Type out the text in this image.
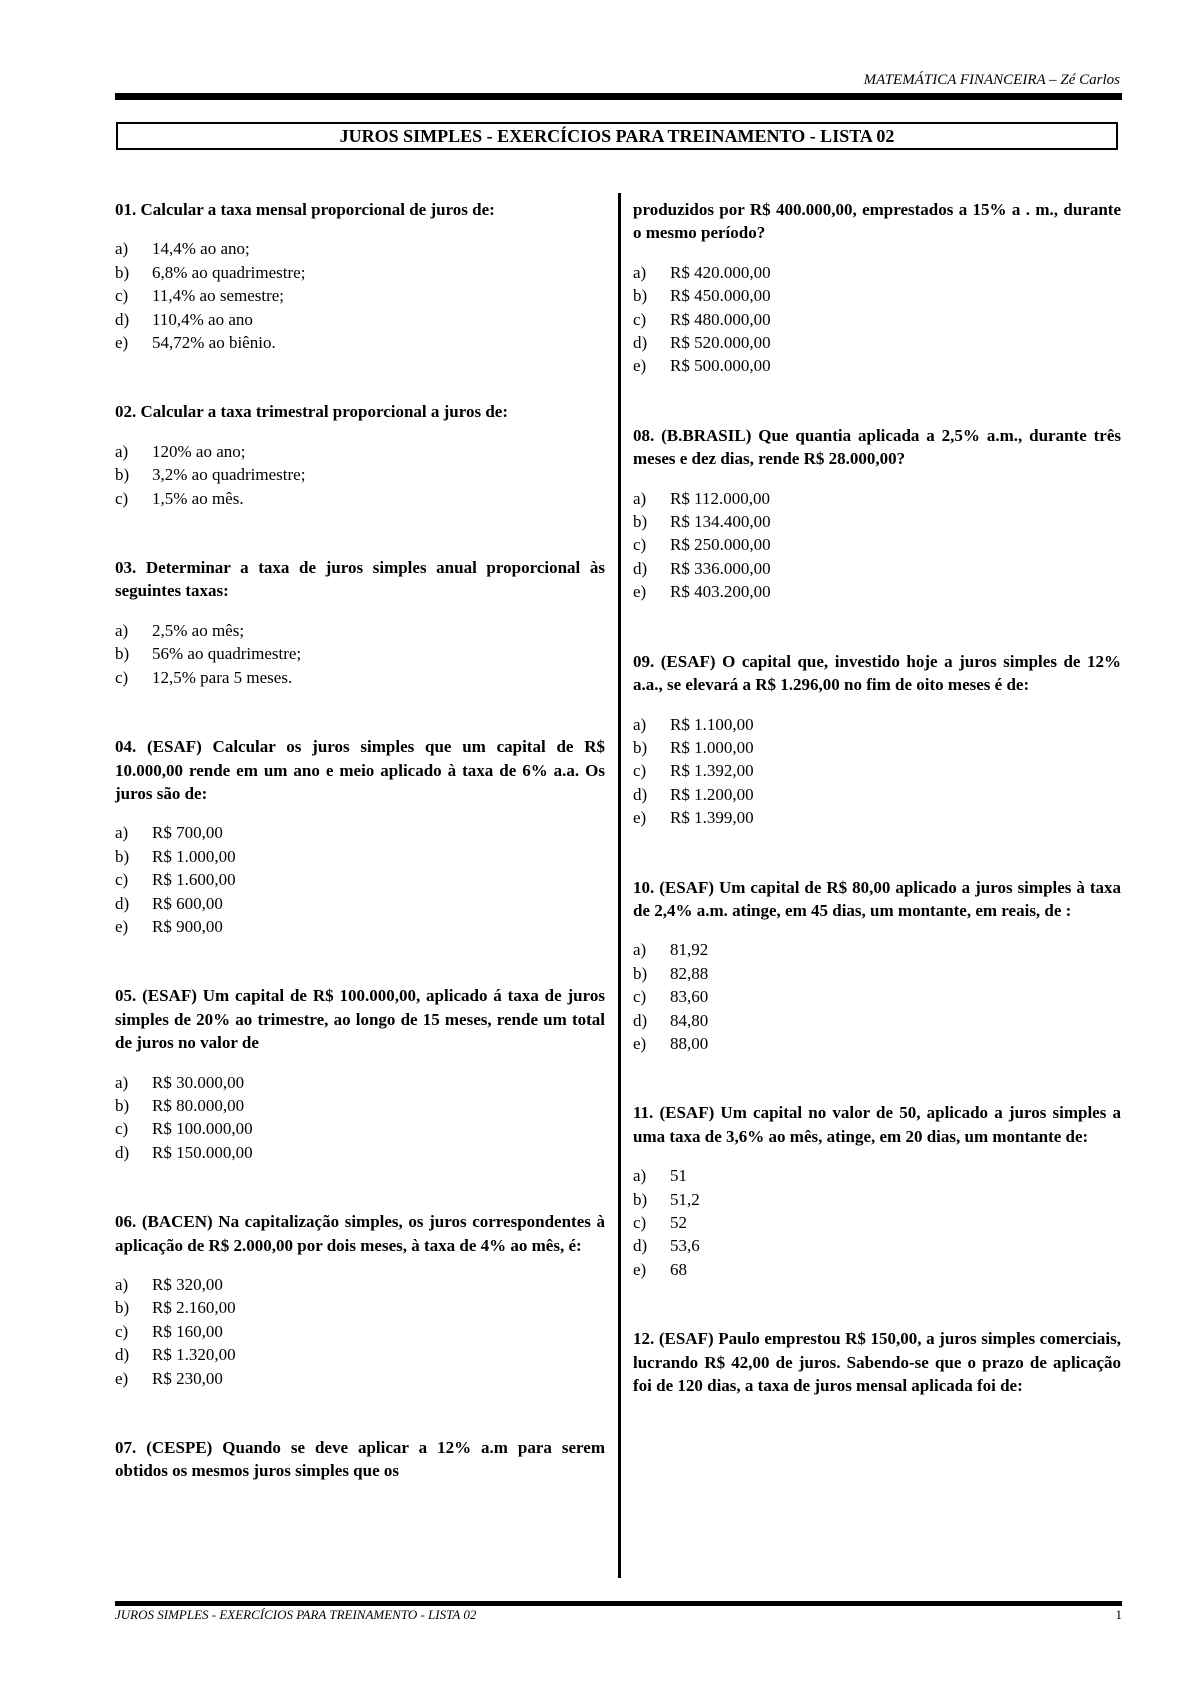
MATEMÁTICA FINANCEIRA – Zé Carlos
JUROS SIMPLES - EXERCÍCIOS PARA TREINAMENTO - LISTA 02

01. Calcular a taxa mensal proporcional de juros de:

a)	14,4% ao ano;
b)	6,8% ao quadrimestre;
c)	11,4% ao semestre;
d)	110,4% ao ano
e)	54,72% ao biênio.

02. Calcular a taxa trimestral proporcional a juros de:

a)	120% ao ano;
b)	3,2% ao quadrimestre;
c)	1,5% ao mês.

03. Determinar a taxa de juros simples anual proporcional às seguintes taxas:

a)	2,5% ao mês;
b)	56% ao quadrimestre;
c)	12,5% para 5 meses.

04. (ESAF) Calcular os juros simples que um capital de R$ 10.000,00 rende em um ano e meio aplicado à taxa de 6% a.a. Os juros são de:

a)	R$ 700,00
b)	R$ 1.000,00
c)	R$ 1.600,00
d)	R$ 600,00
e)	R$ 900,00

05. (ESAF) Um capital de R$ 100.000,00, aplicado á taxa de juros simples de 20% ao trimestre, ao longo de 15 meses, rende um total de juros no valor de

a)	R$ 30.000,00
b)	R$ 80.000,00
c)	R$ 100.000,00
d)	R$ 150.000,00

06. (BACEN) Na capitalização simples, os juros correspondentes à aplicação de R$ 2.000,00 por dois meses, à taxa de 4% ao mês, é:

a)	R$ 320,00
b)	R$ 2.160,00
c)	R$ 160,00
d)	R$ 1.320,00
e)	R$ 230,00

07. (CESPE) Quando se deve aplicar a 12% a.m para serem obtidos os mesmos juros simples que os

produzidos por R$ 400.000,00, emprestados a 15% a . m., durante o mesmo período?

a)	R$ 420.000,00
b)	R$ 450.000,00
c)	R$ 480.000,00
d)	R$ 520.000,00
e)	R$ 500.000,00

08. (B.BRASIL) Que quantia aplicada a 2,5% a.m., durante três meses e dez dias, rende R$ 28.000,00?

a)	R$ 112.000,00
b)	R$ 134.400,00
c)	R$ 250.000,00
d)	R$ 336.000,00
e)	R$ 403.200,00

09. (ESAF) O capital que, investido hoje a juros simples de 12% a.a., se elevará a R$ 1.296,00 no fim de oito meses é de:

a)	R$ 1.100,00
b)	R$ 1.000,00
c)	R$ 1.392,00
d)	R$ 1.200,00
e)	R$ 1.399,00

10. (ESAF) Um capital de R$ 80,00 aplicado a juros simples à taxa de 2,4% a.m. atinge, em 45 dias, um montante, em reais, de :

a)	81,92
b)	82,88
c)	83,60
d)	84,80
e)	88,00

11. (ESAF) Um capital no valor de 50, aplicado a juros simples a uma taxa de 3,6% ao mês, atinge, em 20 dias, um montante de:

a)	51
b)	51,2
c)	52
d)	53,6
e)	68

12. (ESAF) Paulo emprestou R$ 150,00, a juros simples comerciais, lucrando R$ 42,00 de juros. Sabendo-se que o prazo de aplicação foi de 120 dias, a taxa de juros mensal aplicada foi de:

JUROS SIMPLES - EXERCÍCIOS PARA TREINAMENTO - LISTA 02	1
